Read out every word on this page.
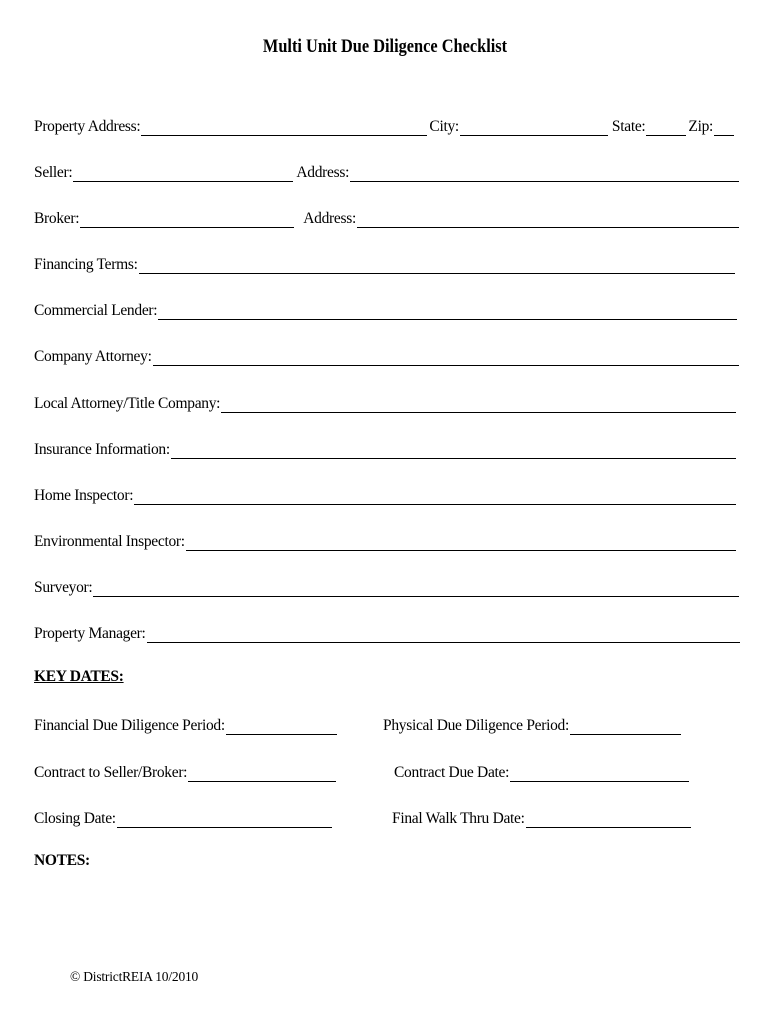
Multi Unit Due Diligence Checklist
Property Address:	City:	State:	Zip:
Seller:	Address:
Broker:	Address:
Financing Terms:
Commercial Lender:
Company Attorney:
Local Attorney/Title Company:
Insurance Information:
Home Inspector:
Environmental Inspector:
Surveyor:
Property Manager:
KEY DATES:
Financial Due Diligence Period:	Physical Due Diligence Period:
Contract to Seller/Broker:	Contract Due Date:
Closing Date:	Final Walk Thru Date:
NOTES:
© DistrictREIA 10/2010
